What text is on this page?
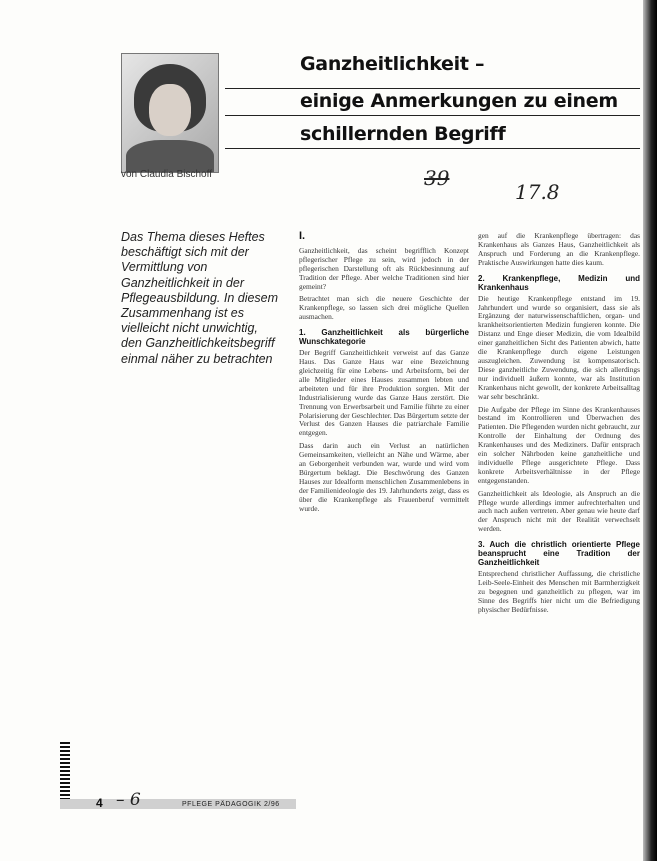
Ganzheitlichkeit –
einige Anmerkungen zu einem
schillernden Begriff
von Claudia Bischoff	39
17.8
Das Thema dieses Heftes beschäftigt sich mit der Vermittlung von Ganzheitlichkeit in der Pflegeausbildung. In diesem Zusammenhang ist es vielleicht nicht unwichtig, den Ganzheitlichkeitsbegriff einmal näher zu betrachten
I.

Ganzheitlichkeit, das scheint begrifflich Konzept pflegerischer Pflege zu sein, wird jedoch in der pflegerischen Darstellung oft als Rückbesinnung auf Tradition der Pflege. Aber welche Traditionen sind hier gemeint?

Betrachtet man sich die neuere Geschichte der Krankenpflege, so lassen sich drei mögliche Quellen ausmachen.

1. Ganzheitlichkeit als bürgerliche Wunschkategorie

Der Begriff Ganzheitlichkeit verweist auf das Ganze Haus. Das Ganze Haus war eine Bezeichnung gleichzeitig für eine Lebens- und Arbeitsform, bei der alle Mitglieder eines Hauses zusammen lebten und arbeiteten und für ihre Produktion sorgten. Mit der Industrialisierung wurde das Ganze Haus zerstört. Die Trennung von Erwerbsarbeit und Familie führte zu einer Polarisierung der Geschlechter. Das Bürgertum setzte der Verlust des Ganzen Hauses die patriarchale Familie entgegen.

Dass darin auch ein Verlust an natürlichen Gemeinsamkeiten, vielleicht an Nähe und Wärme, aber an Geborgenheit verbunden war, wurde und wird vom Bürgertum beklagt. Die Beschwörung des Ganzen Hauses zur Idealform menschlichen Zusammenlebens in der Familienideologie des 19. Jahrhunderts zeigt, dass es über die Krankenpflege als Frauenberuf vermittelt wurde.

gen auf die Krankenpflege übertragen: das Krankenhaus als Ganzes Haus, Ganzheitlichkeit als Anspruch und Forderung an die Krankenpflege. Praktische Auswirkungen hatte dies kaum.

2. Krankenpflege, Medizin und Krankenhaus

Die heutige Krankenpflege entstand im 19. Jahrhundert und wurde so organisiert, dass sie als Ergänzung der naturwissenschaftlichen, organ- und krankheitsorientierten Medizin fungieren konnte. Die Distanz und Enge dieser Medizin, die vom Idealbild einer ganzheitlichen Sicht des Patienten abwich, hatte die Krankenpflege durch eigene Leistungen auszugleichen. Zuwendung ist kompensatorisch. Diese ganzheitliche Zuwendung, die sich allerdings nur individuell äußern konnte, war als Institution Krankenhaus nicht gewollt, der konkrete Arbeitsalltag war sehr beschränkt.

Die Aufgabe der Pflege im Sinne des Krankenhauses bestand im Kontrollieren und Überwachen des Patienten. Die Pflegenden wurden nicht gebraucht, zur Kontrolle der Einhaltung der Ordnung des Krankenhauses und des Mediziners. Dafür entsprach ein solcher Nährboden keine ganzheitliche und individuelle Pflege ausgerichtete Pflege. Dass konkrete Arbeitsverhältnisse in der Pflege entgegenstanden.

Ganzheitlichkeit als Ideologie, als Anspruch an die Pflege wurde allerdings immer aufrechterhalten und auch nach außen vertreten. Aber genau wie heute darf der Anspruch nicht mit der Realität verwechselt werden.

3. Auch die christlich orientierte Pflege beansprucht eine Tradition der Ganzheitlichkeit

Entsprechend christlicher Auffassung, die christliche Leib-Seele-Einheit des Menschen mit Barmherzigkeit zu begegnen und ganzheitlich zu pflegen, war im Sinne des Begriffs hier nicht um die Befriedigung physischer Bedürfnisse.

4 – 6	PFLEGE PÄDAGOGIK 2/96
